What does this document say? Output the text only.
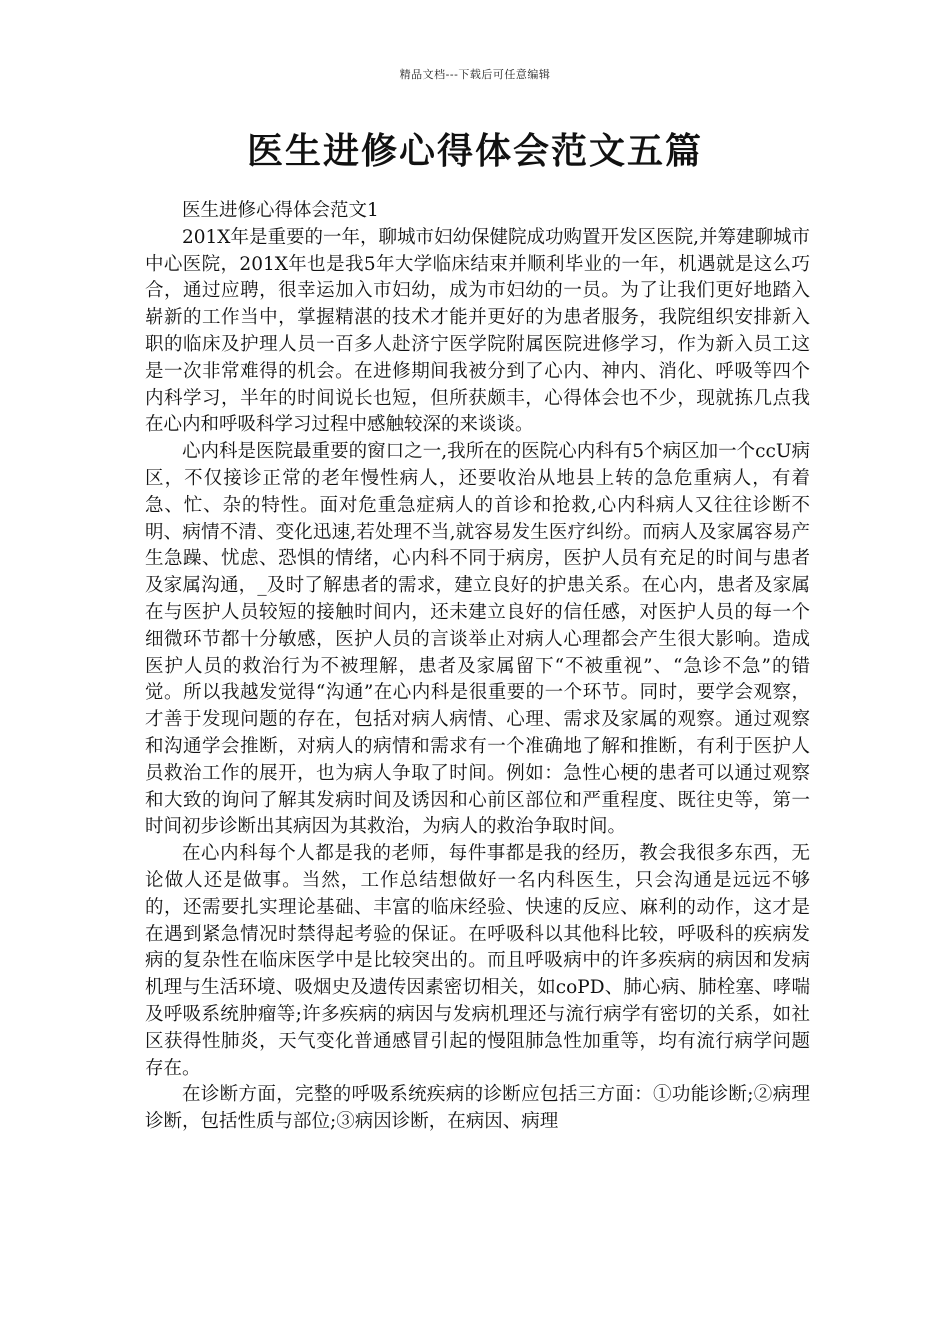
精品文档---下载后可任意编辑
医生进修心得体会范文五篇

医生进修心得体会范文1

201X年是重要的一年，聊城市妇幼保健院成功购置开发区医院,并筹建聊城市中心医院，201X年也是我5年大学临床结束并顺利毕业的一年，机遇就是这么巧合，通过应聘，很幸运加入市妇幼，成为市妇幼的一员。为了让我们更好地踏入崭新的工作当中，掌握精湛的技术才能并更好的为患者服务，我院组织安排新入职的临床及护理人员一百多人赴济宁医学院附属医院进修学习，作为新入员工这是一次非常难得的机会。在进修期间我被分到了心内、神内、消化、呼吸等四个内科学习，半年的时间说长也短，但所获颇丰，心得体会也不少，现就拣几点我在心内和呼吸科学习过程中感触较深的来谈谈。

心内科是医院最重要的窗口之一,我所在的医院心内科有5个病区加一个ccU病区，不仅接诊正常的老年慢性病人，还要收治从地县上转的急危重病人，有着急、忙、杂的特性。面对危重急症病人的首诊和抢救,心内科病人又往往诊断不明、病情不清、变化迅速,若处理不当,就容易发生医疗纠纷。而病人及家属容易产生急躁、忧虑、恐惧的情绪，心内科不同于病房，医护人员有充足的时间与患者及家属沟通，_及时了解患者的需求，建立良好的护患关系。在心内，患者及家属在与医护人员较短的接触时间内，还未建立良好的信任感，对医护人员的每一个细微环节都十分敏感，医护人员的言谈举止对病人心理都会产生很大影响。造成医护人员的救治行为不被理解，患者及家属留下“不被重视”、“急诊不急”的错觉。所以我越发觉得“沟通”在心内科是很重要的一个环节。同时，要学会观察，才善于发现问题的存在，包括对病人病情、心理、需求及家属的观察。通过观察和沟通学会推断，对病人的病情和需求有一个准确地了解和推断，有利于医护人员救治工作的展开，也为病人争取了时间。例如：急性心梗的患者可以通过观察和大致的询问了解其发病时间及诱因和心前区部位和严重程度、既往史等，第一时间初步诊断出其病因为其救治，为病人的救治争取时间。

在心内科每个人都是我的老师，每件事都是我的经历，教会我很多东西，无论做人还是做事。当然，工作总结想做好一名内科医生，只会沟通是远远不够的，还需要扎实理论基础、丰富的临床经验、快速的反应、麻利的动作，这才是在遇到紧急情况时禁得起考验的保证。在呼吸科以其他科比较，呼吸科的疾病发病的复杂性在临床医学中是比较突出的。而且呼吸病中的许多疾病的病因和发病机理与生活环境、吸烟史及遗传因素密切相关，如coPD、肺心病、肺栓塞、哮喘及呼吸系统肿瘤等;许多疾病的病因与发病机理还与流行病学有密切的关系，如社区获得性肺炎，天气变化普通感冒引起的慢阻肺急性加重等，均有流行病学问题存在。

在诊断方面，完整的呼吸系统疾病的诊断应包括三方面：①功能诊断;②病理诊断，包括性质与部位;③病因诊断，在病因、病理
